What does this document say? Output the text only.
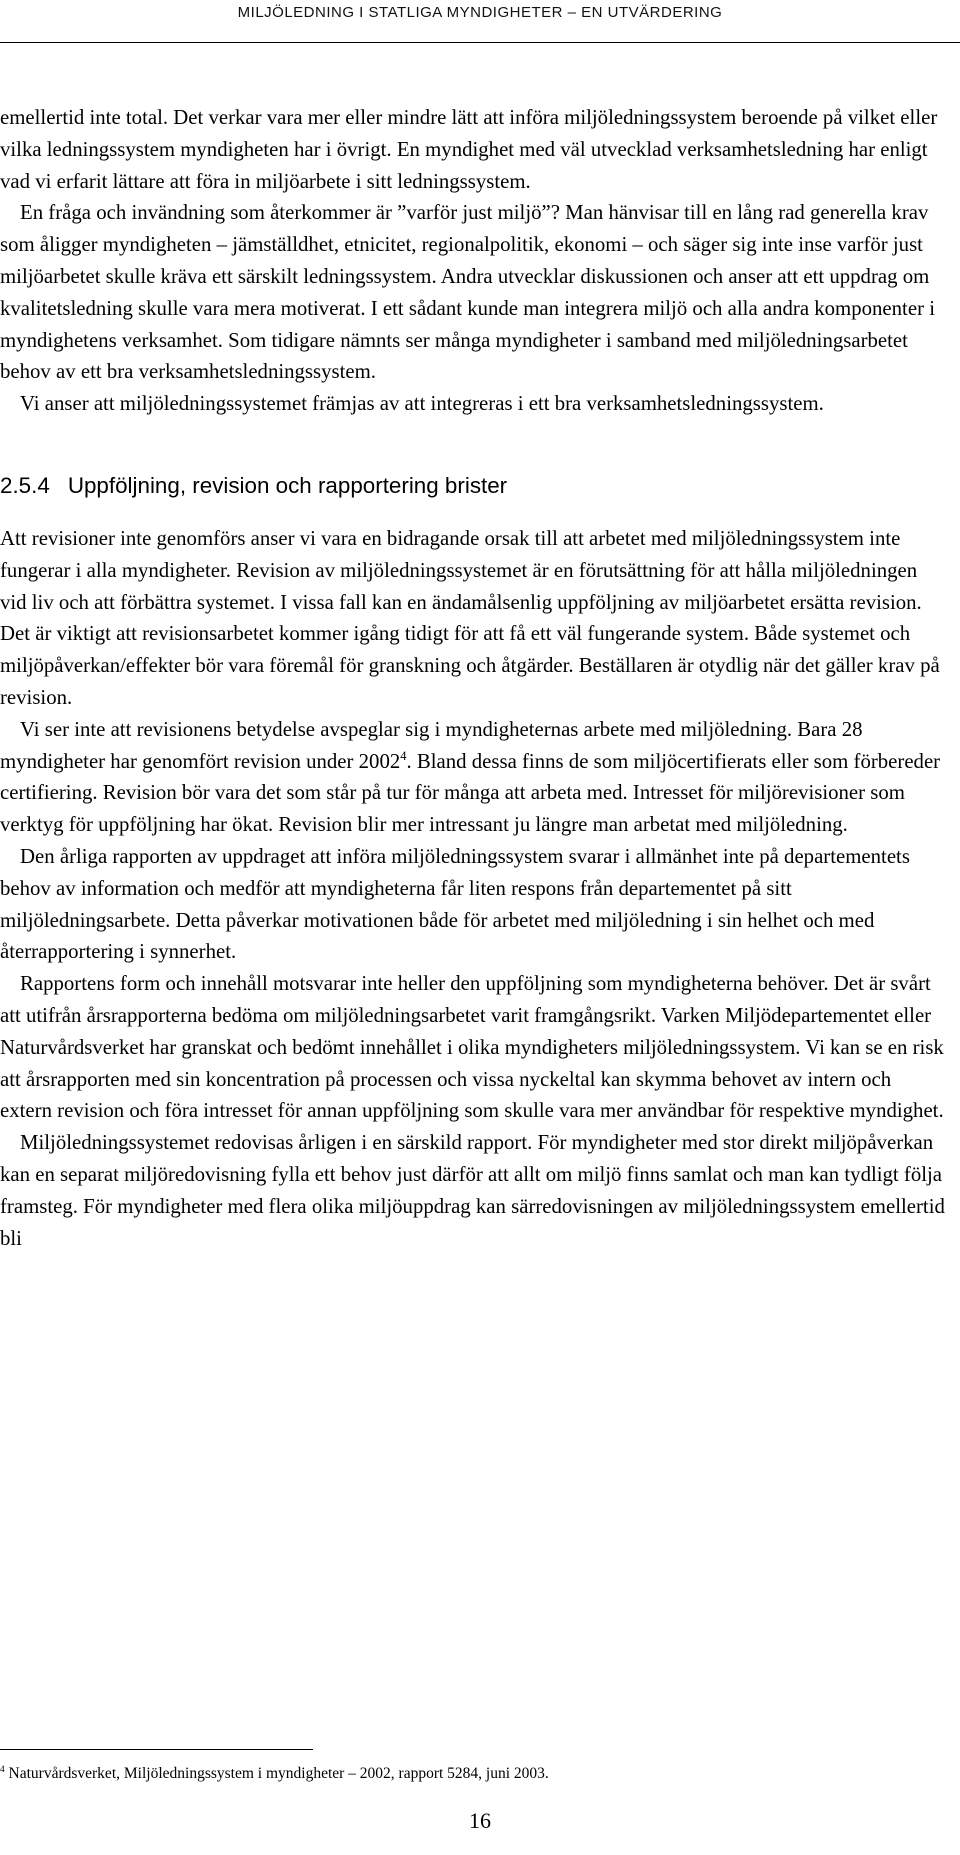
MILJÖLEDNING I STATLIGA MYNDIGHETER – EN UTVÄRDERING

emellertid inte total. Det verkar vara mer eller mindre lätt att införa miljöledningssystem beroende på vilket eller vilka ledningssystem myndigheten har i övrigt. En myndighet med väl utvecklad verksamhetsledning har enligt vad vi erfarit lättare att föra in miljöarbete i sitt ledningssystem.

En fråga och invändning som återkommer är ”varför just miljö”? Man hänvisar till en lång rad generella krav som åligger myndigheten – jämställdhet, etnicitet, regionalpolitik, ekonomi – och säger sig inte inse varför just miljöarbetet skulle kräva ett särskilt ledningssystem. Andra utvecklar diskussionen och anser att ett uppdrag om kvalitetsledning skulle vara mera motiverat. I ett sådant kunde man integrera miljö och alla andra komponenter i myndighetens verksamhet. Som tidigare nämnts ser många myndigheter i samband med miljöledningsarbetet behov av ett bra verksamhetsledningssystem.

Vi anser att miljöledningssystemet främjas av att integreras i ett bra verksamhetsledningssystem.

2.5.4 Uppföljning, revision och rapportering brister

Att revisioner inte genomförs anser vi vara en bidragande orsak till att arbetet med miljöledningssystem inte fungerar i alla myndigheter. Revision av miljöledningssystemet är en förutsättning för att hålla miljöledningen vid liv och att förbättra systemet. I vissa fall kan en ändamålsenlig uppföljning av miljöarbetet ersätta revision. Det är viktigt att revisionsarbetet kommer igång tidigt för att få ett väl fungerande system. Både systemet och miljöpåverkan/effekter bör vara föremål för granskning och åtgärder. Beställaren är otydlig när det gäller krav på revision.

Vi ser inte att revisionens betydelse avspeglar sig i myndigheternas arbete med miljöledning. Bara 28 myndigheter har genomfört revision under 2002$^4$. Bland dessa finns de som miljöcertifierats eller som förbereder certifiering. Revision bör vara det som står på tur för många att arbeta med. Intresset för miljörevisioner som verktyg för uppföljning har ökat. Revision blir mer intressant ju längre man arbetat med miljöledning.

Den årliga rapporten av uppdraget att införa miljöledningssystem svarar i allmänhet inte på departementets behov av information och medför att myndigheterna får liten respons från departementet på sitt miljöledningsarbete. Detta påverkar motivationen både för arbetet med miljöledning i sin helhet och med återrapportering i synnerhet.

Rapportens form och innehåll motsvarar inte heller den uppföljning som myndigheterna behöver. Det är svårt att utifrån årsrapporterna bedöma om miljöledningsarbetet varit framgångsrikt. Varken Miljödepartementet eller Naturvårdsverket har granskat och bedömt innehållet i olika myndigheters miljöledningssystem. Vi kan se en risk att årsrapporten med sin koncentration på processen och vissa nyckeltal kan skymma behovet av intern och extern revision och föra intresset för annan uppföljning som skulle vara mer användbar för respektive myndighet.

Miljöledningssystemet redovisas årligen i en särskild rapport. För myndigheter med stor direkt miljöpåverkan kan en separat miljöredovisning fylla ett behov just därför att allt om miljö finns samlat och man kan tydligt följa framsteg. För myndigheter med flera olika miljöuppdrag kan särredovisningen av miljöledningssystem emellertid bli

$^4$ Naturvårdsverket, Miljöledningssystem i myndigheter – 2002, rapport 5284, juni 2003.
16
